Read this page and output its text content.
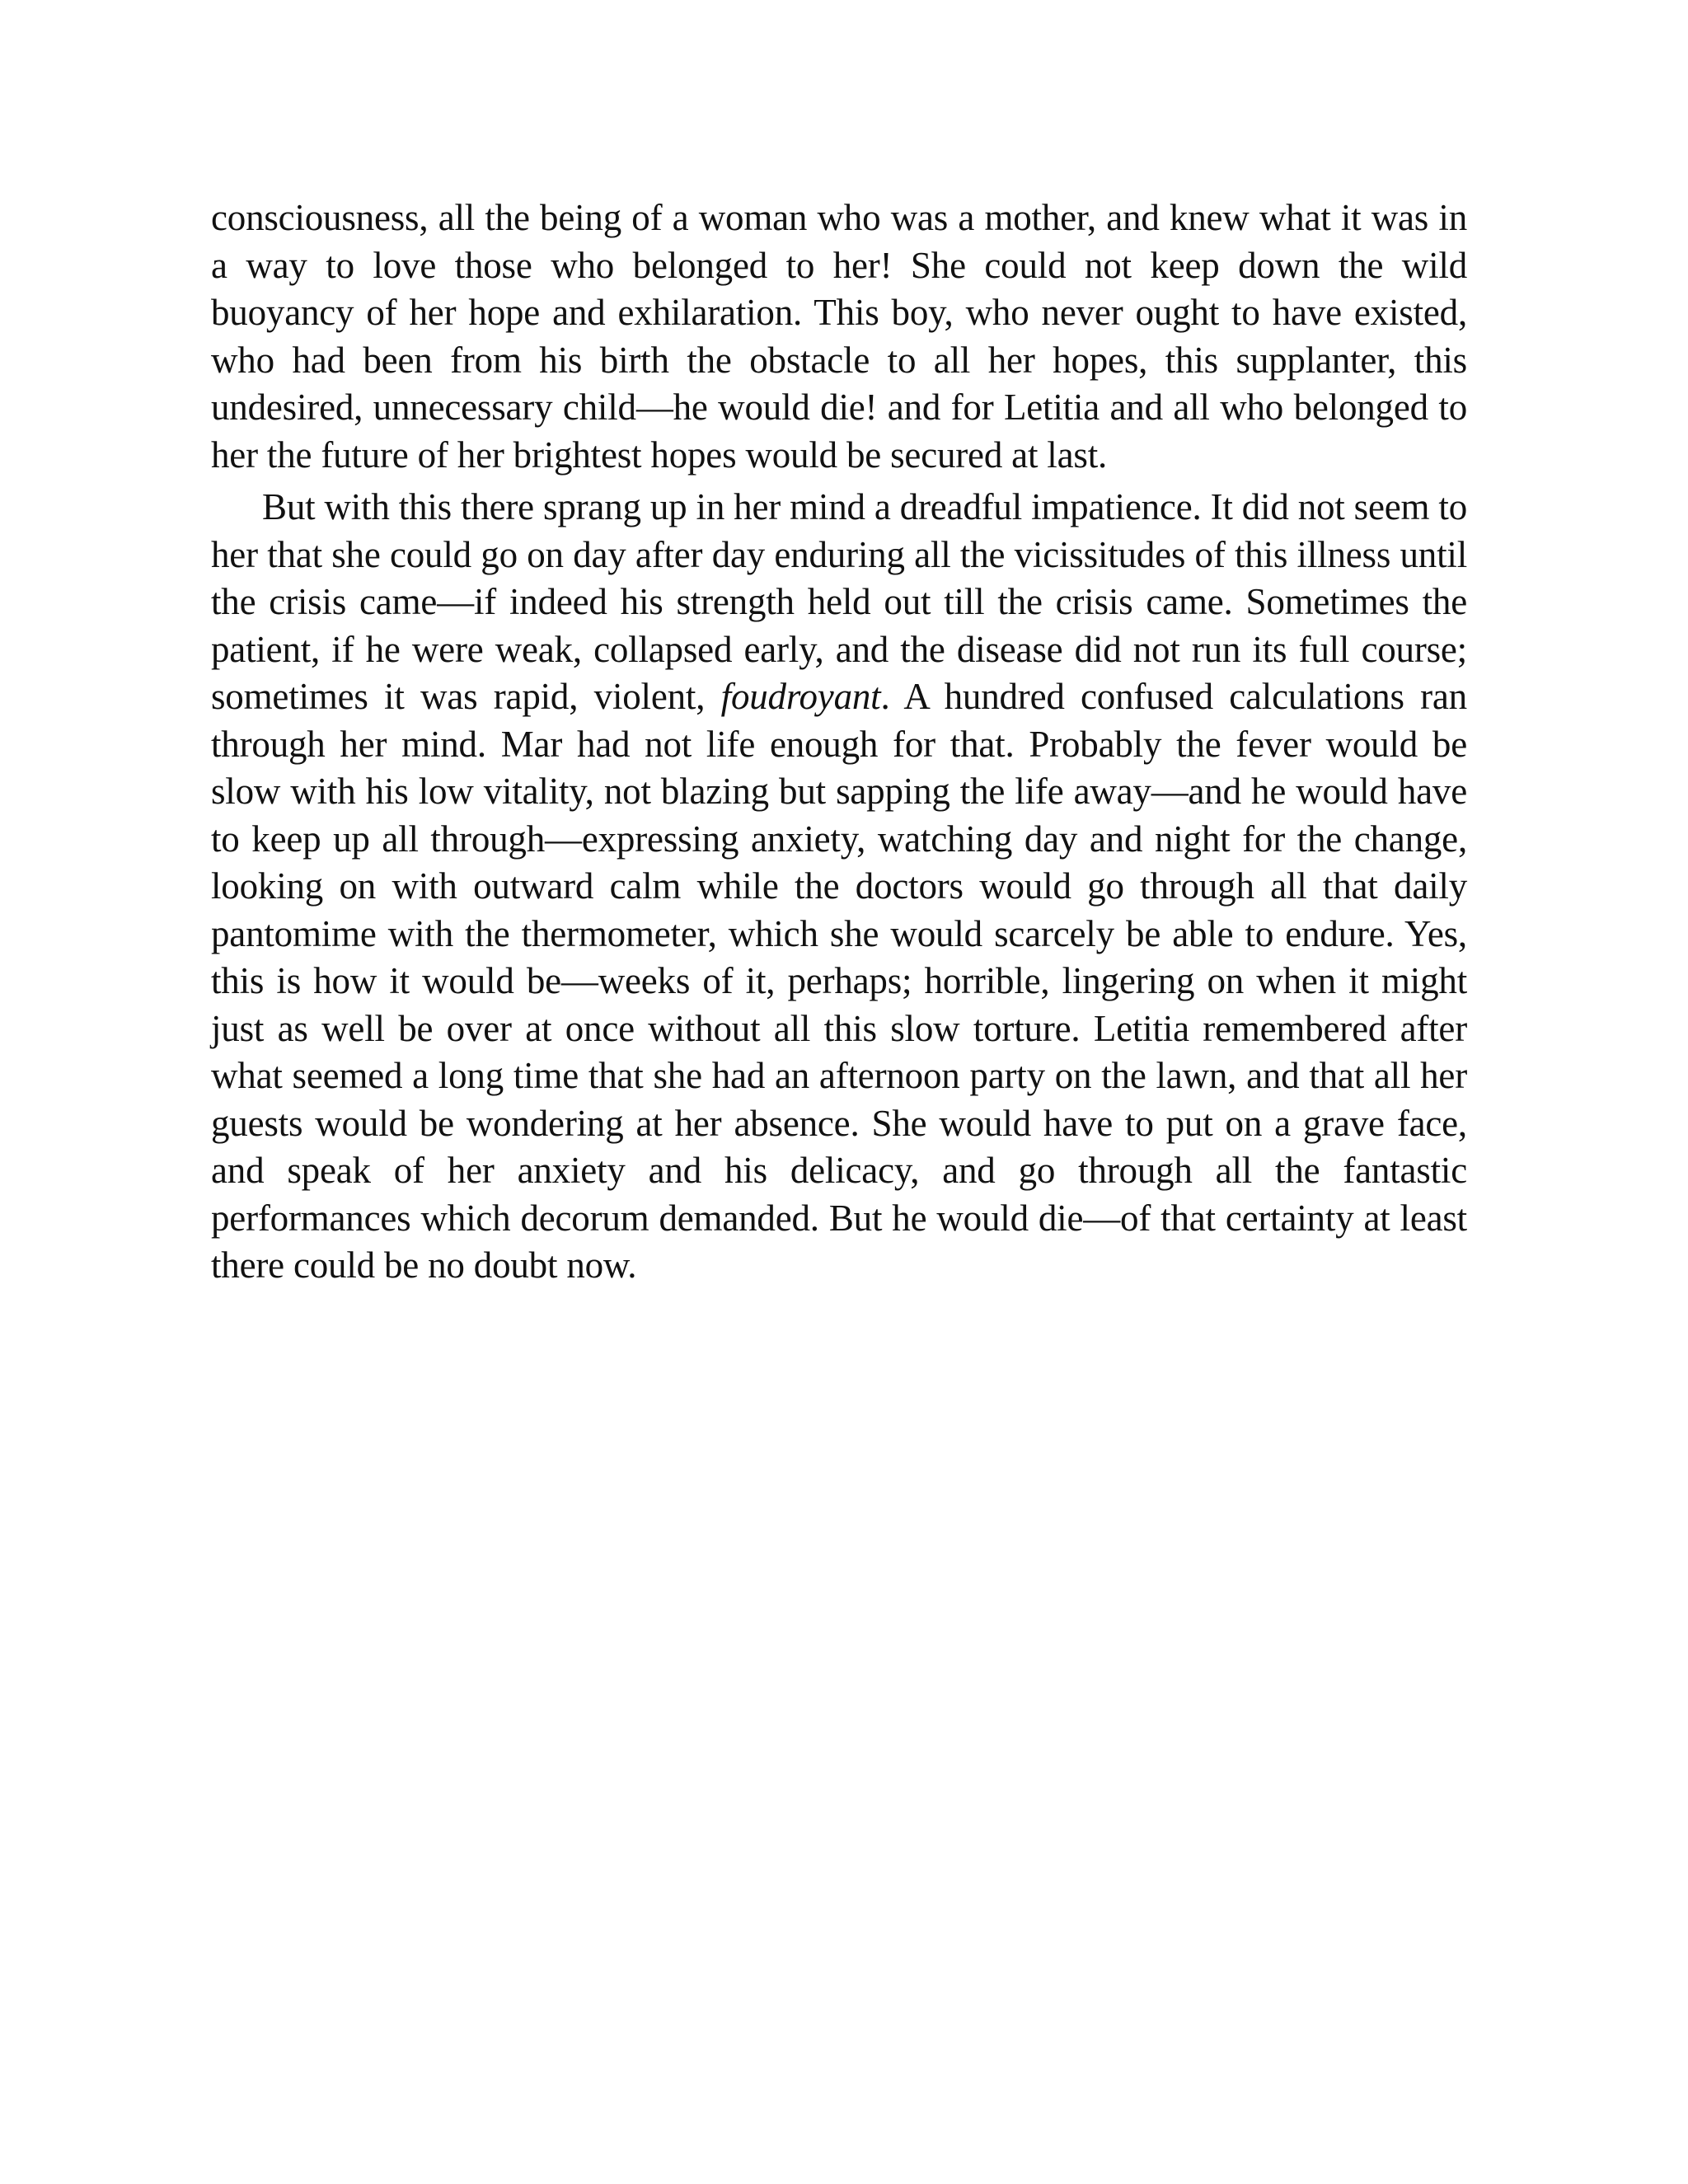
consciousness, all the being of a woman who was a mother, and knew what it was in a way to love those who belonged to her! She could not keep down the wild buoyancy of her hope and exhilaration. This boy, who never ought to have existed, who had been from his birth the obstacle to all her hopes, this supplanter, this undesired, unnecessary child—he would die! and for Letitia and all who belonged to her the future of her brightest hopes would be secured at last.

But with this there sprang up in her mind a dreadful impatience. It did not seem to her that she could go on day after day enduring all the vicissitudes of this illness until the crisis came—if indeed his strength held out till the crisis came. Sometimes the patient, if he were weak, collapsed early, and the disease did not run its full course; sometimes it was rapid, violent, foudroyant. A hundred confused calculations ran through her mind. Mar had not life enough for that. Probably the fever would be slow with his low vitality, not blazing but sapping the life away—and he would have to keep up all through—expressing anxiety, watching day and night for the change, looking on with outward calm while the doctors would go through all that daily pantomime with the thermometer, which she would scarcely be able to endure. Yes, this is how it would be—weeks of it, perhaps; horrible, lingering on when it might just as well be over at once without all this slow torture. Letitia remembered after what seemed a long time that she had an afternoon party on the lawn, and that all her guests would be wondering at her absence. She would have to put on a grave face, and speak of her anxiety and his delicacy, and go through all the fantastic performances which decorum demanded. But he would die—of that certainty at least there could be no doubt now.
